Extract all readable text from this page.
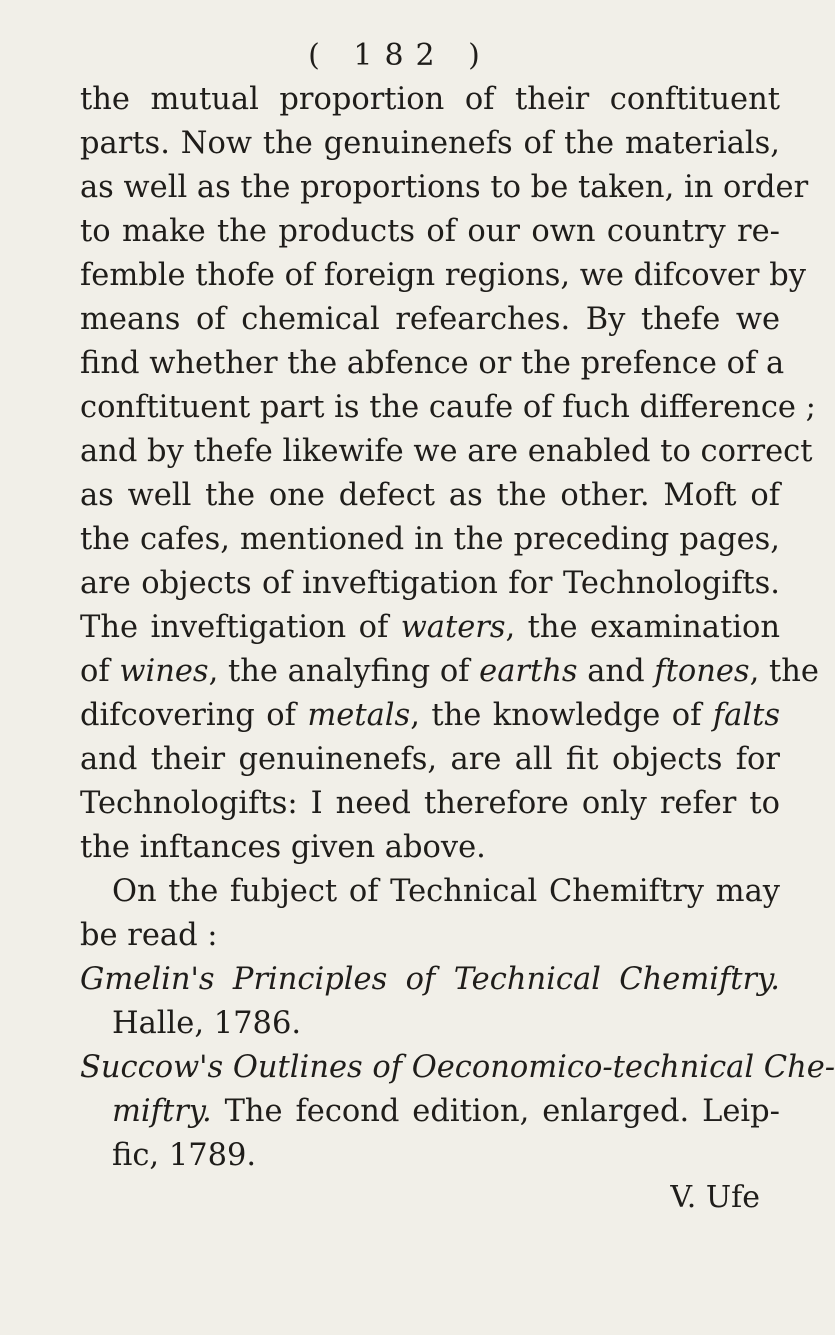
( 182 )
the mutual proportion of their conftituent
parts. Now the genuinenefs of the materials,
as well as the proportions to be taken, in order
to make the products of our own country re-
femble thofe of foreign regions, we difcover by
means of chemical refearches. By thefe we
find whether the abfence or the prefence of a
conftituent part is the caufe of fuch difference ;
and by thefe likewife we are enabled to correct
as well the one defect as the other. Moft of
the cafes, mentioned in the preceding pages,
are objects of inveftigation for Technologifts.
The inveftigation of waters, the examination
of wines, the analyfing of earths and ftones, the
difcovering of metals, the knowledge of falts
and their genuinenefs, are all fit objects for
Technologifts: I need therefore only refer to
the inftances given above.
On the fubject of Technical Chemiftry may
be read :
Gmelin's Principles of Technical Chemiftry.
Halle, 1786.
Succow's Outlines of Oeconomico-technical Che-
miftry. The fecond edition, enlarged. Leip-
fic, 1789.
V. Ufe
